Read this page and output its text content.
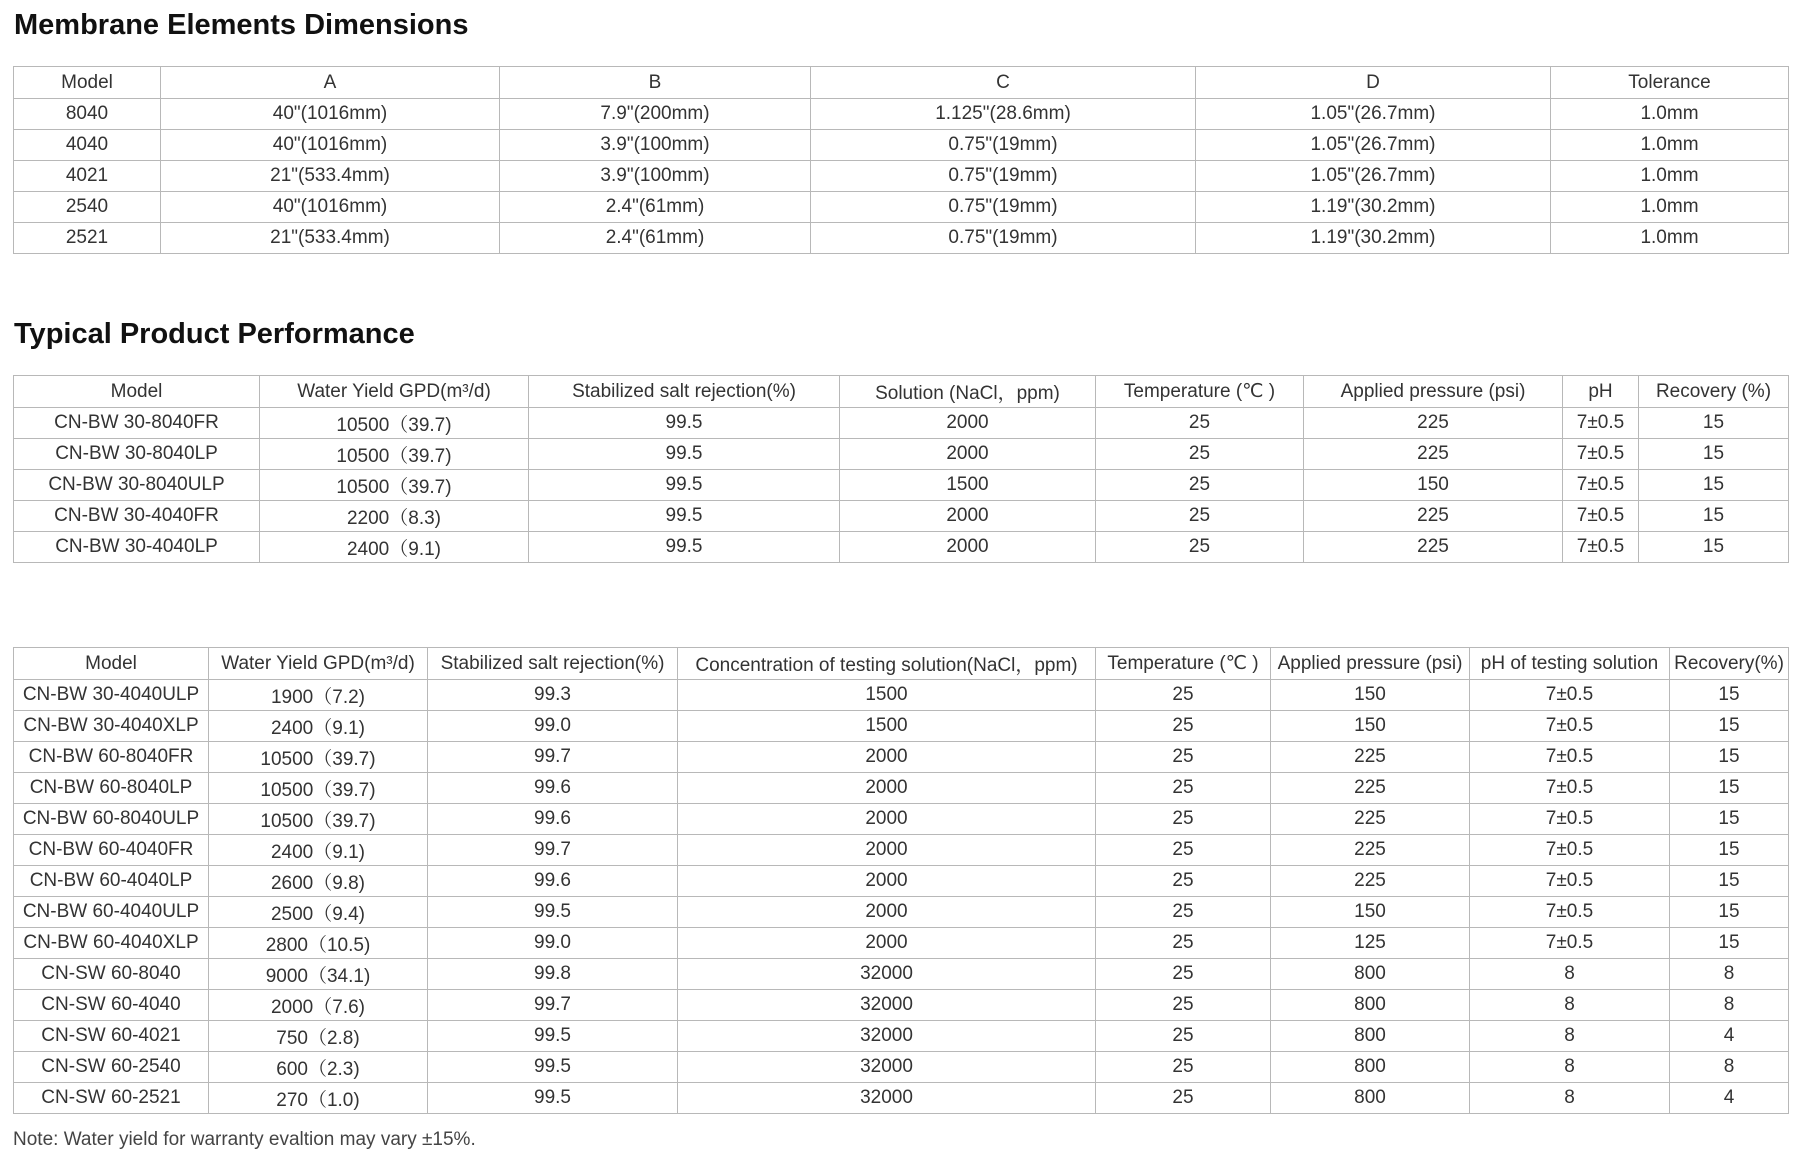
Membrane Elements Dimensions
Model	A	B	C	D	Tolerance
8040	40"(1016mm)	7.9"(200mm)	1.125"(28.6mm)	1.05"(26.7mm)	1.0mm
4040	40"(1016mm)	3.9"(100mm)	0.75"(19mm)	1.05"(26.7mm)	1.0mm
4021	21"(533.4mm)	3.9"(100mm)	0.75"(19mm)	1.05"(26.7mm)	1.0mm
2540	40"(1016mm)	2.4"(61mm)	0.75"(19mm)	1.19"(30.2mm)	1.0mm
2521	21"(533.4mm)	2.4"(61mm)	0.75"(19mm)	1.19"(30.2mm)	1.0mm
Typical Product Performance
Model	Water Yield GPD(m³/d)	Stabilized salt rejection(%)	Solution (NaCl，ppm)	Temperature (℃ )	Applied pressure (psi)	pH	Recovery (%)
CN-BW 30-8040FR	10500（39.7)	99.5	2000	25	225	7±0.5	15
CN-BW 30-8040LP	10500（39.7)	99.5	2000	25	225	7±0.5	15
CN-BW 30-8040ULP	10500（39.7)	99.5	1500	25	150	7±0.5	15
CN-BW 30-4040FR	2200（8.3)	99.5	2000	25	225	7±0.5	15
CN-BW 30-4040LP	2400（9.1)	99.5	2000	25	225	7±0.5	15
Model	Water Yield GPD(m³/d)	Stabilized salt rejection(%)	Concentration of testing solution(NaCl，ppm)	Temperature (℃ )	Applied pressure (psi)	pH of testing solution	Recovery(%)
CN-BW 30-4040ULP	1900（7.2)	99.3	1500	25	150	7±0.5	15
CN-BW 30-4040XLP	2400（9.1)	99.0	1500	25	150	7±0.5	15
CN-BW 60-8040FR	10500（39.7)	99.7	2000	25	225	7±0.5	15
CN-BW 60-8040LP	10500（39.7)	99.6	2000	25	225	7±0.5	15
CN-BW 60-8040ULP	10500（39.7)	99.6	2000	25	225	7±0.5	15
CN-BW 60-4040FR	2400（9.1)	99.7	2000	25	225	7±0.5	15
CN-BW 60-4040LP	2600（9.8)	99.6	2000	25	225	7±0.5	15
CN-BW 60-4040ULP	2500（9.4)	99.5	2000	25	150	7±0.5	15
CN-BW 60-4040XLP	2800（10.5)	99.0	2000	25	125	7±0.5	15
CN-SW 60-8040	9000（34.1)	99.8	32000	25	800	8	8
CN-SW 60-4040	2000（7.6)	99.7	32000	25	800	8	8
CN-SW 60-4021	750（2.8)	99.5	32000	25	800	8	4
CN-SW 60-2540	600（2.3)	99.5	32000	25	800	8	8
CN-SW 60-2521	270（1.0)	99.5	32000	25	800	8	4

Note: Water yield for warranty evaltion may vary ±15%.
